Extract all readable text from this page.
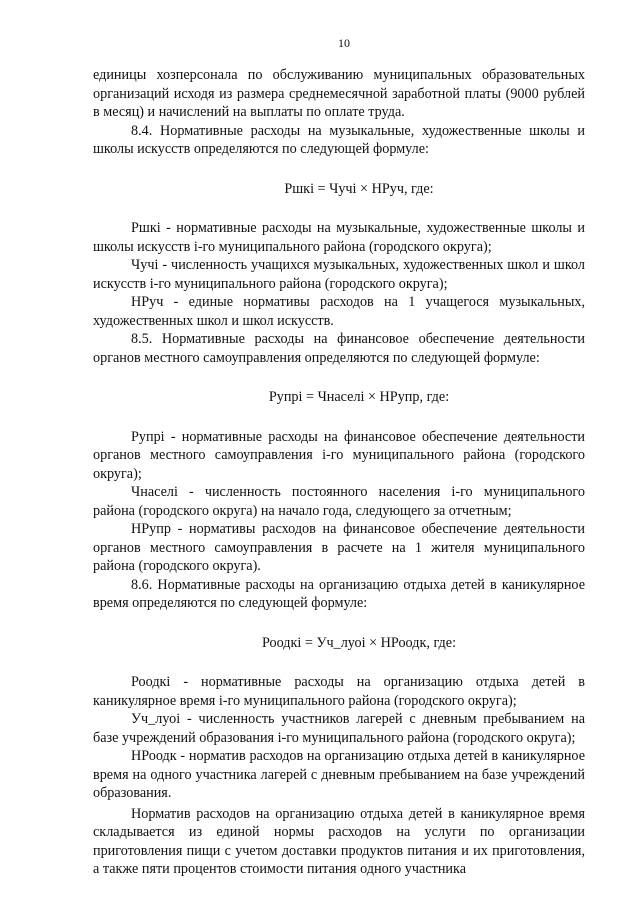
10

единицы хозперсонала по обслуживанию муниципальных образовательных организаций исходя из размера среднемесячной заработной платы (9000 рублей в месяц) и начислений на выплаты по оплате труда.

8.4. Нормативные расходы на музыкальные, художественные школы и школы искусств определяются по следующей формуле:

Ршкі = Чучі × НРуч, где:

Ршкі - нормативные расходы на музыкальные, художественные школы и школы искусств і-го муниципального района (городского округа);

Чучі - численность учащихся музыкальных, художественных школ и школ искусств і-го муниципального района (городского округа);

НРуч - единые нормативы расходов на 1 учащегося музыкальных, художественных школ и школ искусств.

8.5. Нормативные расходы на финансовое обеспечение деятельности органов местного самоуправления определяются по следующей формуле:

Рупрі = Чнаселі × НРупр, где:

Рупрі - нормативные расходы на финансовое обеспечение деятельности органов местного самоуправления і-го муниципального района (городского округа);

Чнаселі - численность постоянного населения і-го муниципального района (городского округа) на начало года, следующего за отчетным;

НРупр - нормативы расходов на финансовое обеспечение деятельности органов местного самоуправления в расчете на 1 жителя муниципального района (городского округа).

8.6. Нормативные расходы на организацию отдыха детей в каникулярное время определяются по следующей формуле:

Роодкі = Уч_луоі × НРоодк, где:

Роодкі - нормативные расходы на организацию отдыха детей в каникулярное время і-го муниципального района (городского округа);

Уч_луоі - численность участников лагерей с дневным пребыванием на базе учреждений образования і-го муниципального района (городского округа);

НРоодк - норматив расходов на организацию отдыха детей в каникулярное время на одного участника лагерей с дневным пребыванием на базе учреждений образования.

Норматив расходов на организацию отдыха детей в каникулярное время складывается из единой нормы расходов на услуги по организации приготовления пищи с учетом доставки продуктов питания и их приготовления, а также пяти процентов стоимости питания одного участника
